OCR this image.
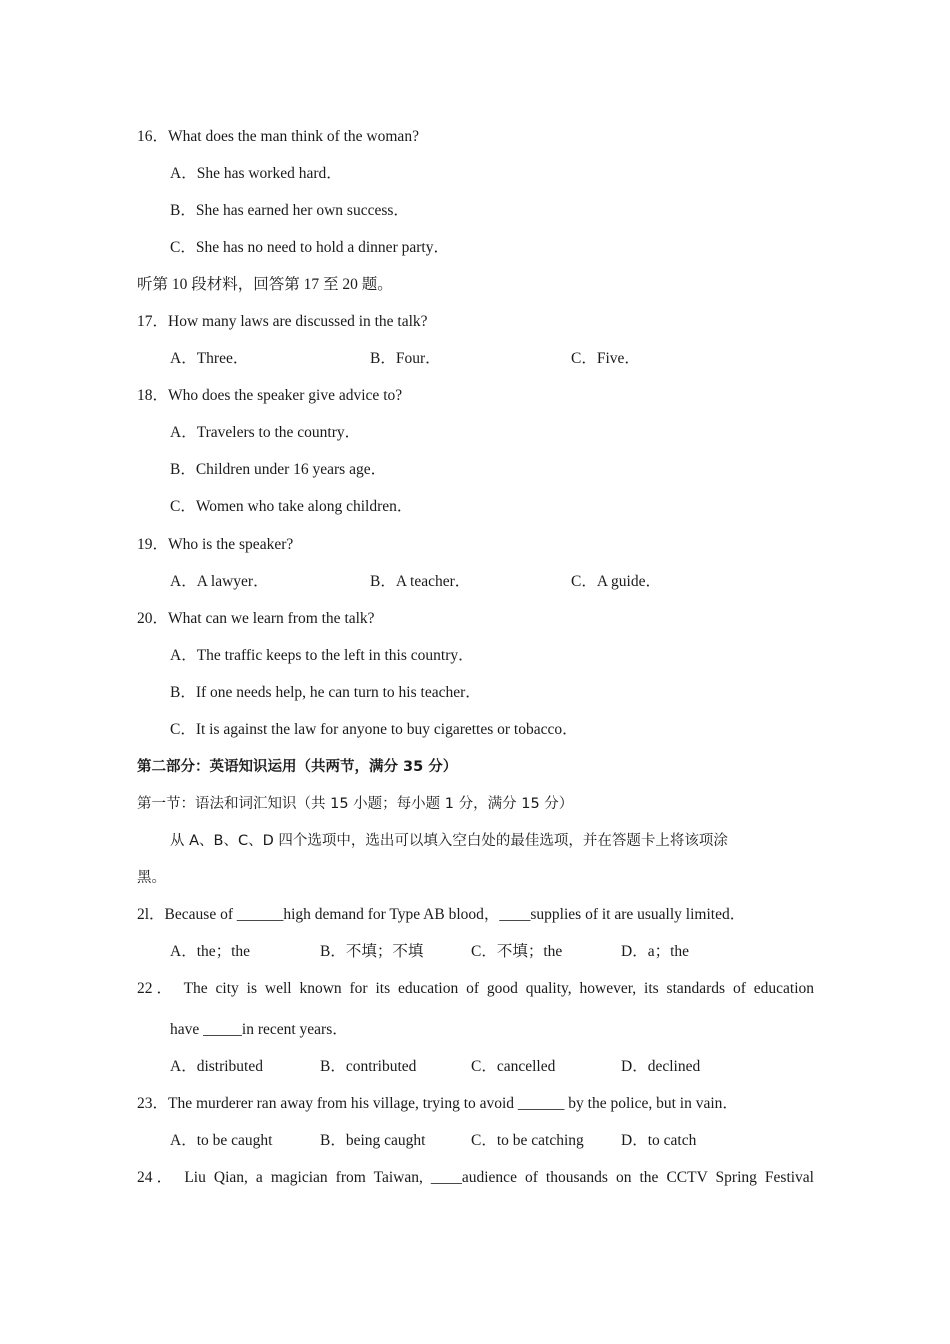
16．What does the man think of the woman?
A．She has worked hard．
B．She has earned her own success．
C．She has no need to hold a dinner party．
听第 10 段材料，回答第 17 至 20 题。
17．How many laws are discussed in the talk?
A．Three．	B．Four．	C．Five．
18．Who does the speaker give advice to?
A．Travelers to the country．
B．Children under 16 years age．
C．Women who take along children．
19．Who is the speaker?
A．A lawyer．	B．A teacher．	C．A guide．
20．What can we learn from the talk?
A．The traffic keeps to the left in this country．
B．If one needs help, he can turn to his teacher．
C．It is against the law for anyone to buy cigarettes or tobacco．
第二部分：英语知识运用（共两节，满分 35 分）
第一节：语法和词汇知识（共 15 小题；每小题 1 分，满分 15 分）
从 A、B、C、D 四个选项中，选出可以填入空白处的最佳选项，并在答题卡上将该项涂
黑。
2l．Because of ______high demand for Type AB blood，____supplies of it are usually limited．
A．the；the	B．不填；不填	C．不填；the	D．a；the
22． The city is well known for its education of good quality, however, its standards of education
have _____in recent years．
A．distributed	B．contributed	C．cancelled	D．declined
23．The murderer ran away from his village, trying to avoid ______ by the police, but in vain．
A．to be caught	B．being caught	C．to be catching D．to catch
24． Liu Qian, a magician from Taiwan, ____audience of thousands on the CCTV Spring Festival
